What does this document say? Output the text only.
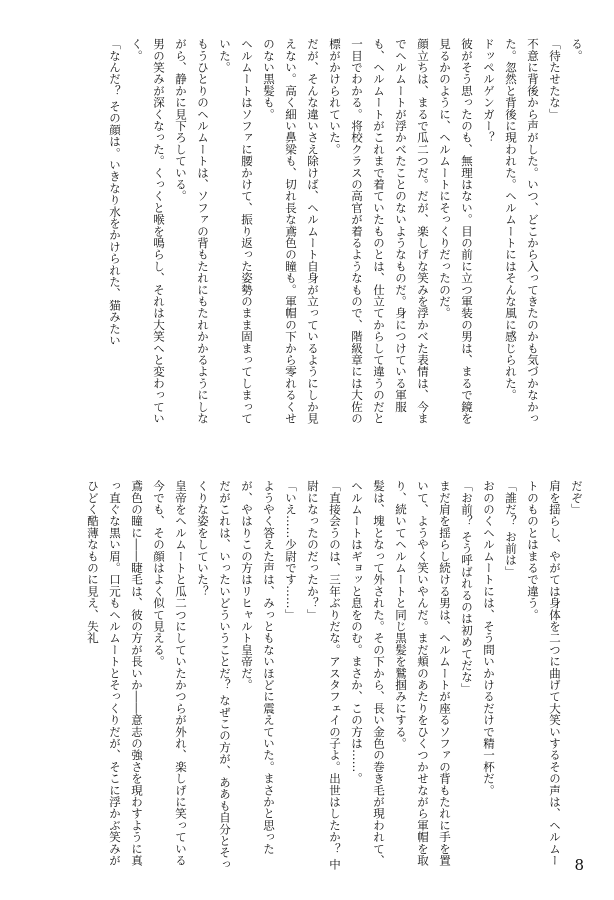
る。

「待たせたな」

不意に背後から声がした。いつ、どこから入ってきたのかも気づかなかった。忽然と背後に現われた。ヘルムートにはそんな風に感じられた。

ドッペルゲンガー？

彼がそう思ったのも、無理はない。目の前に立つ軍装の男は、まるで鏡を見るかのように、ヘルムートにそっくりだったのだ。

顔立ちは、まるで瓜二つだ。だが、楽しげな笑みを浮かべた表情は、今までヘルムートが浮かべたことのないようなものだ。身につけている軍服も、ヘルムートがこれまで着ていたものとは、仕立てからして違うのだと一目でわかる。将校クラスの高官が着るようなもので、階級章には大佐の標がかけられていた。

だが、そんな違いさえ除けば、ヘルムート自身が立っているようにしか見えない。高く細い鼻梁も、切れ長な鳶色の瞳も。軍帽の下から零れるくせのない黒髪も。

ヘルムートはソファに腰かけて、振り返った姿勢のまま固まってしまっていた。

もうひとりのヘルムートは、ソファの背もたれにもたれかかるようにしながら、静かに見下ろしている。

男の笑みが深くなった。くっくと喉を鳴らし、それは大笑へと変わっていく。

「なんだ？ その顔は。いきなり水をかけられた、猫みたい

だぞ」

肩を揺らし、やがては身体を二つに曲げて大笑いするその声は、ヘルムートのものとはまるで違う。

「誰だ？ お前は」

おののくヘルムートには、そう問いかけるだけで精一杯だ。

「お前？ そう呼ばれるのは初めてだな」

まだ肩を揺らし続ける男は、ヘルムートが座るソファの背もたれに手を置いて、ようやく笑いやんだ。まだ頬のあたりをひくつかせながら軍帽を取り、続いてヘルムートと同じ黒髪を鷲掴みにする。

髪は、塊となって外された。その下から、長い金色の巻き毛が現われて、ヘルムートはギョッと息をのむ。まさか、この方は……。

「直接会うのは、三年ぶりだな。アスタフェイの子よ。出世はしたか？ 中尉になったのだったか？」

「いえ……少尉です……」

ようやく答えた声は、みっともないほどに震えていた。まさかと思ったが、やはりこの方はリヒャルト皇帝だ。

だがこれは、いったいどういうことだ？ なぜこの方が、ああも自分とそっくりな姿をしていた？

皇帝をヘルムートと瓜二つにしていたかつらが外れ、楽しげに笑っている今でも、その顔はよく似て見える。

鳶色の瞳に――睫毛は、彼の方が長いか――意志の強さを現わすように真っ直ぐな黒い眉。口元もヘルムートとそっくりだが、そこに浮かぶ笑みがひどく酷薄なものに見え、失礼

8
